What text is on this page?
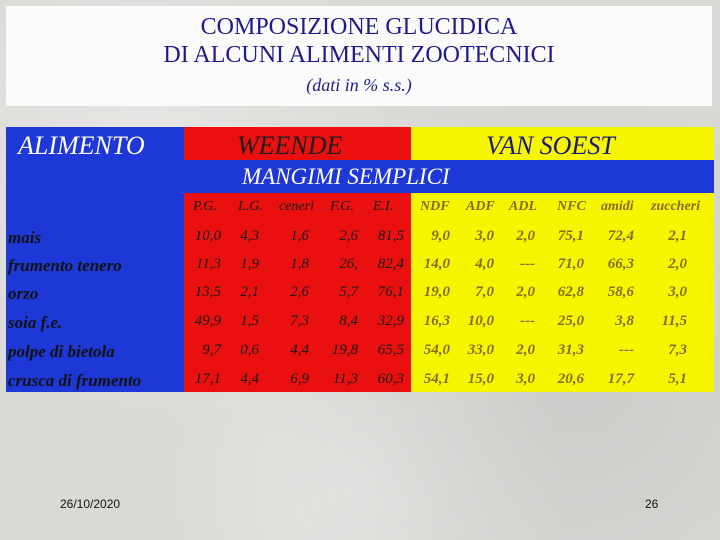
COMPOSIZIONE GLUCIDICA
DI ALCUNI ALIMENTI ZOOTECNICI
(dati in % s.s.)
ALIMENTO	WEENDE	VAN SOEST
MANGIMI SEMPLICI
P.G. L.G. ceneri F.G. E.I. NDF ADF ADL NFC amidi zuccheri
mais	10,0 4,3 1,6 2,6 81,5 9,0 3,0 2,0 75,1 72,4 2,1
frumento tenero	11,3 1,9 1,8 26, 82,4 14,0 4,0 --- 71,0 66,3 2,0
orzo	13,5 2,1 2,6 5,7 76,1 19,0 7,0 2,0 62,8 58,6 3,0
soia f.e.	49,9 1,5 7,3 8,4 32,9 16,3 10,0 --- 25,0 3,8 11,5
polpe di bietola	9,7 0,6 4,4 19,8 65,5 54,0 33,0 2,0 31,3 --- 7,3
crusca di frumento	17,1 4,4 6,9 11,3 60,3 54,1 15,0 3,0 20,6 17,7 5,1
26/10/2020	26
